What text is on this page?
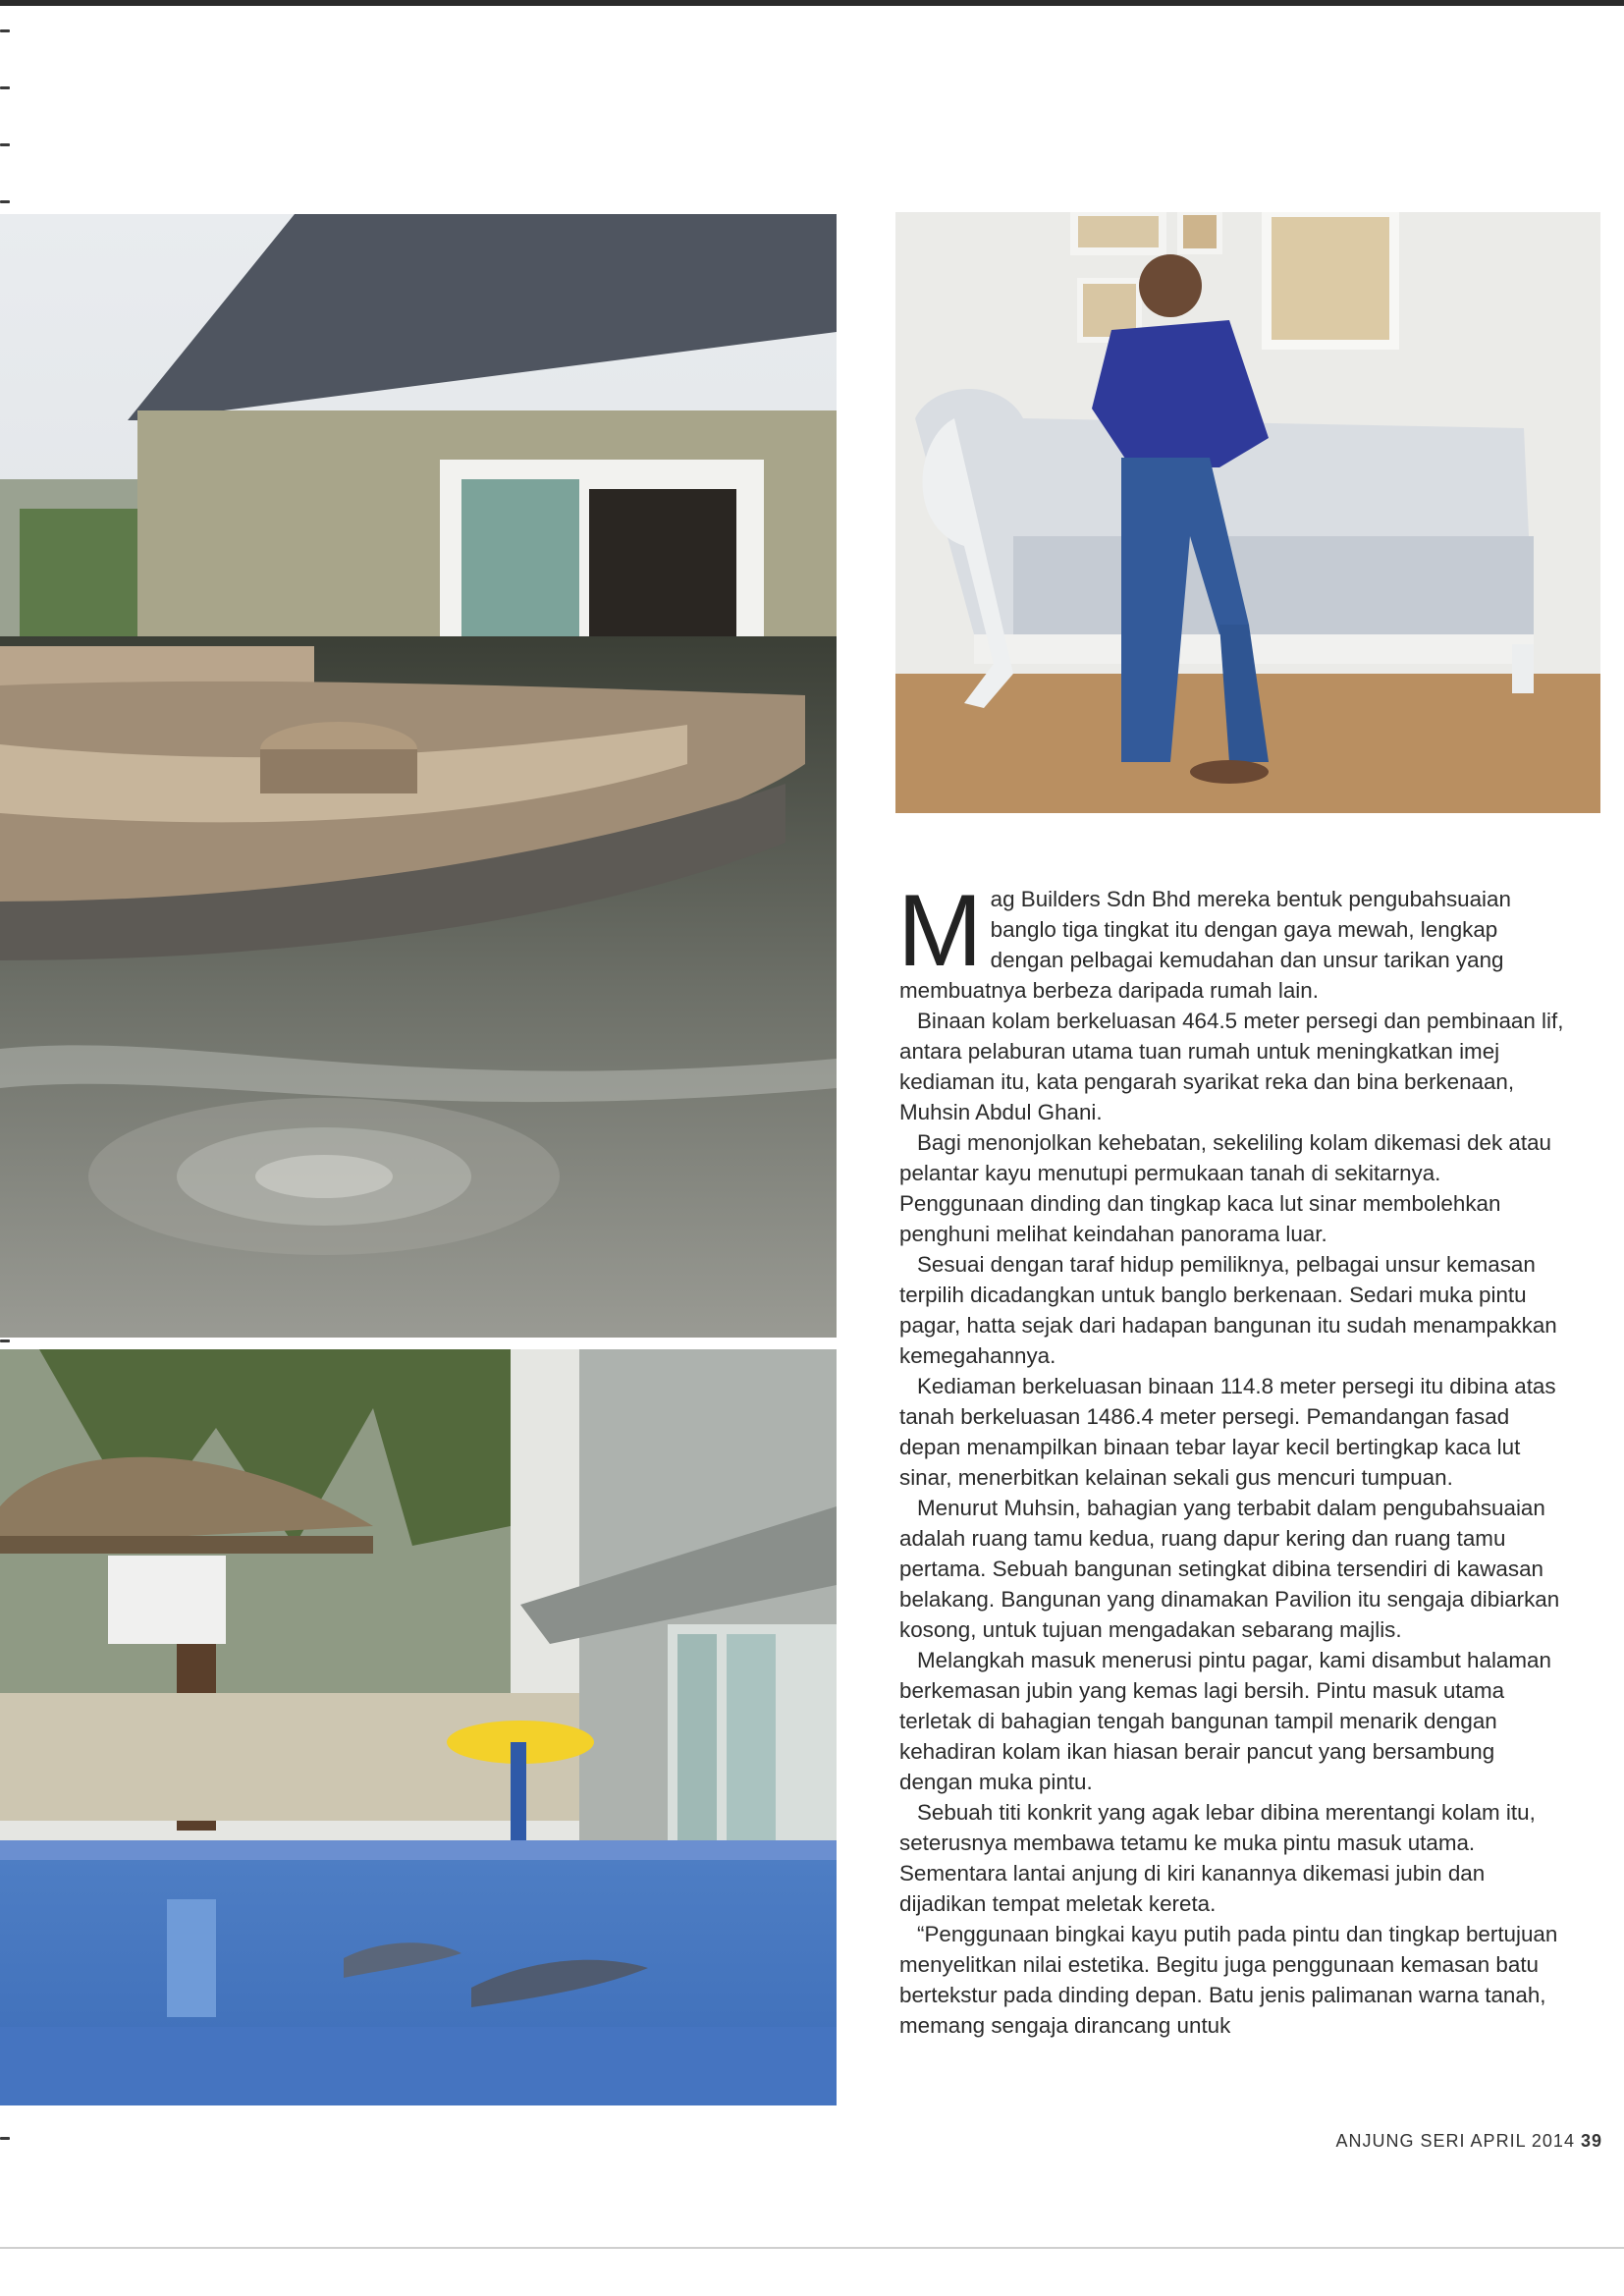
Mag Builders Sdn Bhd mereka bentuk pengubahsuaian banglo tiga tingkat itu dengan gaya mewah, lengkap dengan pelbagai kemudahan dan unsur tarikan yang membuatnya berbeza daripada rumah lain.

Binaan kolam berkeluasan 464.5 meter persegi dan pembinaan lif, antara pelaburan utama tuan rumah untuk meningkatkan imej kediaman itu, kata pengarah syarikat reka dan bina berkenaan, Muhsin Abdul Ghani.

Bagi menonjolkan kehebatan, sekeliling kolam dikemasi dek atau pelantar kayu menutupi permukaan tanah di sekitarnya. Penggunaan dinding dan tingkap kaca lut sinar membolehkan penghuni melihat keindahan panorama luar.

Sesuai dengan taraf hidup pemiliknya, pelbagai unsur kemasan terpilih dicadangkan untuk banglo berkenaan. Sedari muka pintu pagar, hatta sejak dari hadapan bangunan itu sudah menampakkan kemegahannya.

Kediaman berkeluasan binaan 114.8 meter persegi itu dibina atas tanah berkeluasan 1486.4 meter persegi. Pemandangan fasad depan menampilkan binaan tebar layar kecil bertingkap kaca lut sinar, menerbitkan kelainan sekali gus mencuri tumpuan.

Menurut Muhsin, bahagian yang terbabit dalam pengubahsuaian adalah ruang tamu kedua, ruang dapur kering dan ruang tamu pertama. Sebuah bangunan setingkat dibina tersendiri di kawasan belakang. Bangunan yang dinamakan Pavilion itu sengaja dibiarkan kosong, untuk tujuan mengadakan sebarang majlis.

Melangkah masuk menerusi pintu pagar, kami disambut halaman berkemasan jubin yang kemas lagi bersih. Pintu masuk utama terletak di bahagian tengah bangunan tampil menarik dengan kehadiran kolam ikan hiasan berair pancut yang bersambung dengan muka pintu.

Sebuah titi konkrit yang agak lebar dibina merentangi kolam itu, seterusnya membawa tetamu ke muka pintu masuk utama. Sementara lantai anjung di kiri kanannya dikemasi jubin dan dijadikan tempat meletak kereta.

“Penggunaan bingkai kayu putih pada pintu dan tingkap bertujuan menyelitkan nilai estetika. Begitu juga penggunaan kemasan batu bertekstur pada dinding depan. Batu jenis palimanan warna tanah, memang sengaja dirancang untuk

ANJUNG SERI APRIL 2014 39
